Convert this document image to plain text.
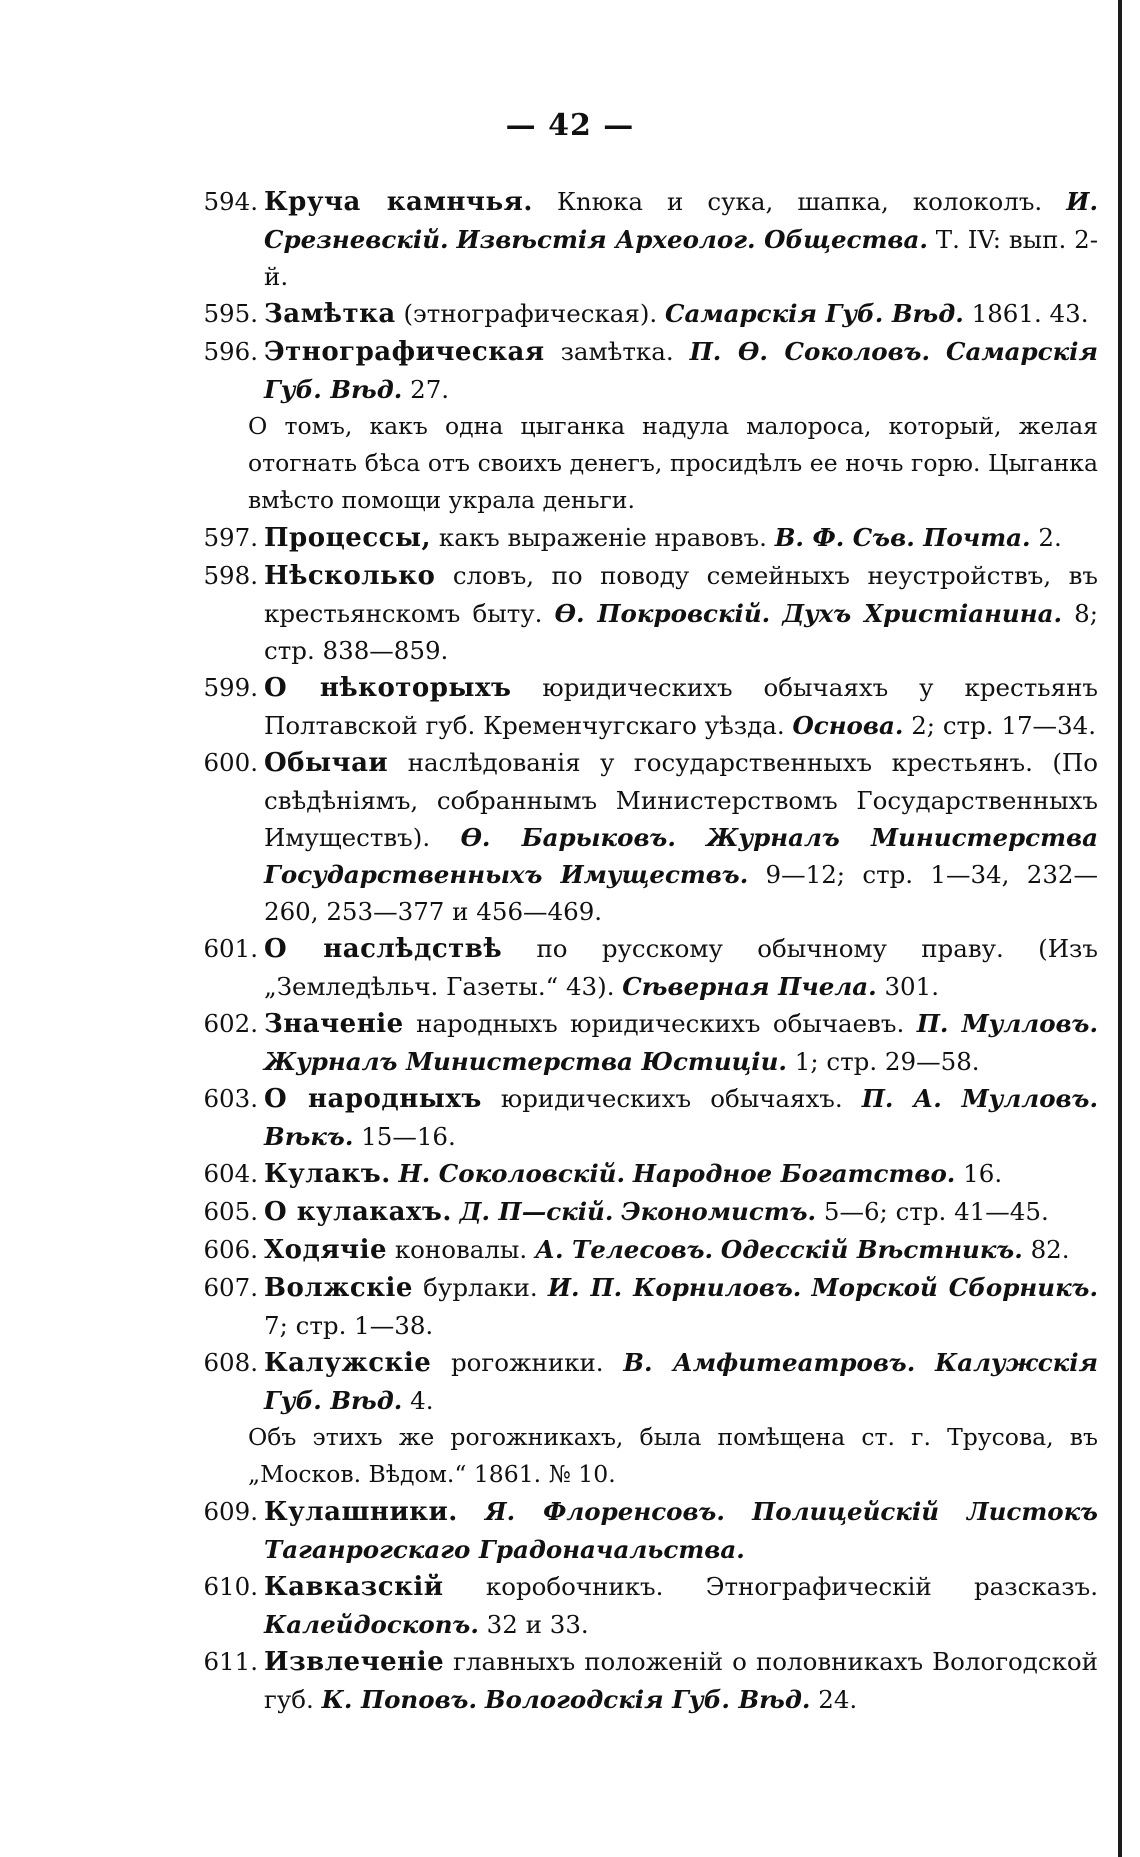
— 42 —
594. Круча камнчья. Кnюка и сука, шапка, колоколъ. И. Срезневскій. Извѣстія Археолог. Общества. Т. IV: вып. 2-й.
595. Замѣтка (этнографическая). Самарскія Губ. Вѣд. 1861. 43.
596. Этнографическая замѣтка. П. Ѳ. Соколовъ. Самарскія Губ. Вѣд. 27.
О томъ, какъ одна цыганка надула малороса, который, желая отогнать бѣса отъ своихъ денегъ, просидѣлъ ее ночь горю. Цыганка вмѣсто помощи украла деньги.
597. Процессы, какъ выраженіе нравовъ. В. Ф. Съв. Почта. 2.
598. Нѣсколько словъ, по поводу семейныхъ неустройствъ, въ крестьянскомъ быту. Ѳ. Покровскій. Духъ Христіанина. 8; стр. 838—859.
599. О нѣкоторыхъ юридическихъ обычаяхъ у крестьянъ Полтавской губ. Кременчугскаго уѣзда. Основа. 2; стр. 17—34.
600. Обычаи наслѣдованія у государственныхъ крестьянъ. (По свѣдѣніямъ, собраннымъ Министерствомъ Государственныхъ Имуществъ). Ѳ. Барыковъ. Журналъ Министерства Государственныхъ Имуществъ. 9—12; стр. 1—34, 232—260, 253—377 и 456—469.
601. О наслѣдствѣ по русскому обычному праву. (Изъ „Земледѣльч. Газеты.“ 43). Сѣверная Пчела. 301.
602. Значеніе народныхъ юридическихъ обычаевъ. П. Мулловъ. Журналъ Министерства Юстиціи. 1; стр. 29—58.
603. О народныхъ юридическихъ обычаяхъ. П. А. Мулловъ. Вѣкъ. 15—16.
604. Кулакъ. Н. Соколовскій. Народное Богатство. 16.
605. О кулакахъ. Д. П—скій. Экономистъ. 5—6; стр. 41—45.
606. Ходячіе коновалы. А. Телесовъ. Одесскій Вѣстникъ. 82.
607. Волжскіе бурлаки. И. П. Корниловъ. Морской Сборникъ. 7; стр. 1—38.
608. Калужскіе рогожники. В. Амфитеатровъ. Калужскія Губ. Вѣд. 4.
Объ этихъ же рогожникахъ, была помѣщена ст. г. Трусова, въ „Москов. Вѣдом.“ 1861. № 10.
609. Кулашники. Я. Флоренсовъ. Полицейскій Листокъ Таганрогскаго Градоначальства.
610. Кавказскій коробочникъ. Этнографическій разсказъ. Калейдоскопъ. 32 и 33.
611. Извлеченіе главныхъ положеній о половникахъ Вологодской губ. К. Поповъ. Вологодскія Губ. Вѣд. 24.
